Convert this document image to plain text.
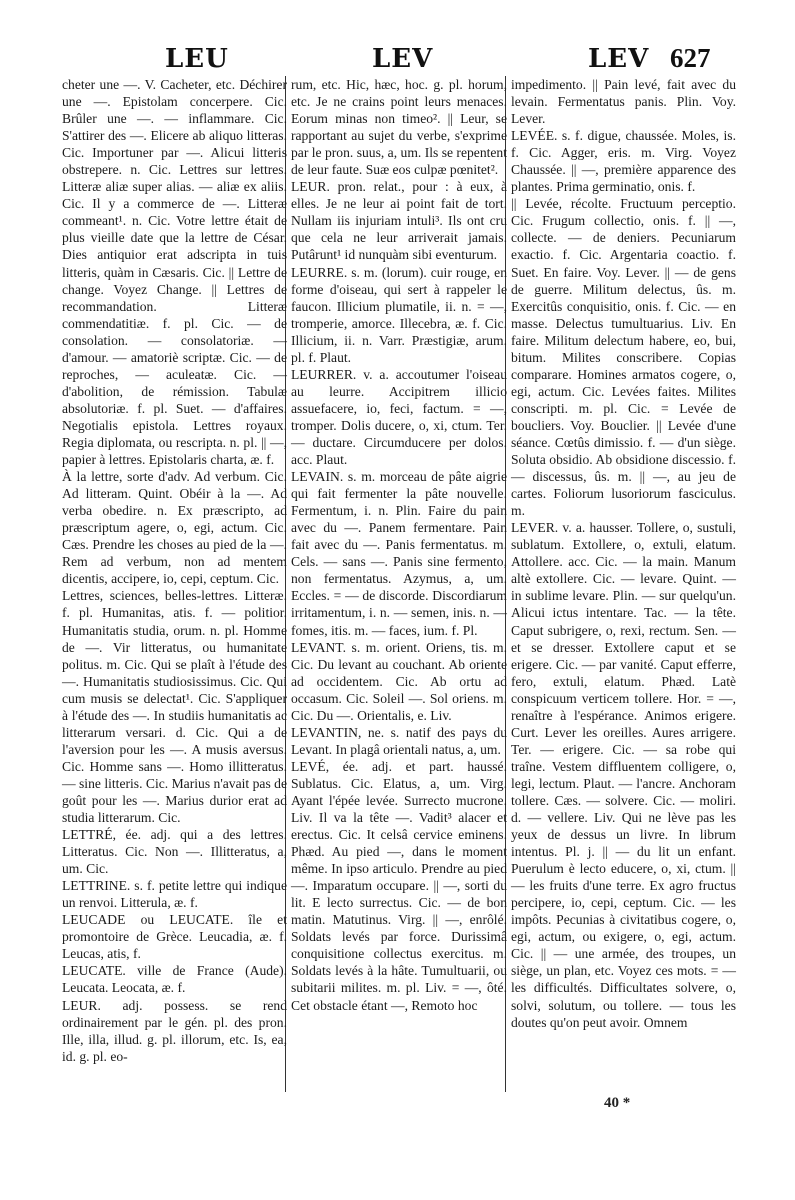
LEU	LEV	LEV 627

cheter une —. V. Cacheter, etc. Déchirer une —. Epistolam concerpere. Cic. Brûler une —. — inflammare. Cic. S'attirer des —. Elicere ab aliquo litteras. Cic. Importuner par —. Alicui litteris obstrepere. n. Cic. Lettres sur lettres. Litteræ aliæ super alias. — aliæ ex aliis. Cic. Il y a commerce de —. Litteræ commeant¹. n. Cic. Votre lettre était de plus vieille date que la lettre de César. Dies antiquior erat adscripta in tuis litteris, quàm in Cæsaris. Cic. || Lettre de change. Voyez Change. || Lettres de recommandation. Litteræ commendatitiæ. f. pl. Cic. — de consolation. — consolatoriæ. — d'amour. — amatoriè scriptæ. Cic. — de reproches, — aculeatæ. Cic. — d'abolition, de rémission. Tabulæ absolutoriæ. f. pl. Suet. — d'affaires. Negotialis epistola. Lettres royaux. Regia diplomata, ou rescripta. n. pl. || —, papier à lettres. Epistolaris charta, æ. f.

À la lettre, sorte d'adv. Ad verbum. Cic. Ad litteram. Quint. Obéir à la —. Ad verba obedire. n. Ex præscripto, ad præscriptum agere, o, egi, actum. Cic. Cæs. Prendre les choses au pied de la —. Rem ad verbum, non ad mentem dicentis, accipere, io, cepi, ceptum. Cic.

Lettres, sciences, belles-lettres. Litteræ. f. pl. Humanitas, atis. f. — politior. Humanitatis studia, orum. n. pl. Homme de —. Vir litteratus, ou humanitate politus. m. Cic. Qui se plaît à l'étude des —. Humanitatis studiosissimus. Cic. Qui cum musis se delectat¹. Cic. S'appliquer à l'étude des —. In studiis humanitatis ac litterarum versari. d. Cic. Qui a de l'aversion pour les —. A musis aversus. Cic. Homme sans —. Homo illitteratus. — sine litteris. Cic. Marius n'avait pas de goût pour les —. Marius durior erat ad studia litterarum. Cic.

LETTRÉ, ée. adj. qui a des lettres. Litteratus. Cic. Non —. Illitteratus, a, um. Cic.

LETTRINE. s. f. petite lettre qui indique un renvoi. Litterula, æ. f.

LEUCADE ou LEUCATE. île et promontoire de Grèce. Leucadia, æ. f. Leucas, atis, f.

LEUCATE. ville de France (Aude). Leucata. Leocata, æ. f.

LEUR. adj. possess. se rend ordinairement par le gén. pl. des pron. Ille, illa, illud. g. pl. illorum, etc. Is, ea, id. g. pl. eo-

rum, etc. Hic, hæc, hoc. g. pl. horum, etc. Je ne crains point leurs menaces. Eorum minas non timeo². || Leur, se rapportant au sujet du verbe, s'exprime par le pron. suus, a, um. Ils se repentent de leur faute. Suæ eos culpæ pœnitet².

LEUR. pron. relat., pour : à eux, à elles. Je ne leur ai point fait de tort. Nullam iis injuriam intuli³. Ils ont cru que cela ne leur arriverait jamais. Putârunt¹ id nunquàm sibi eventurum.

LEURRE. s. m. (lorum). cuir rouge, en forme d'oiseau, qui sert à rappeler le faucon. Illicium plumatile, ii. n. = —, tromperie, amorce. Illecebra, æ. f. Cic. Illicium, ii. n. Varr. Præstigiæ, arum. pl. f. Plaut.

LEURRER. v. a. accoutumer l'oiseau au leurre. Accipitrem illicio assuefacere, io, feci, factum. = —, tromper. Dolis ducere, o, xi, ctum. Ter. — ductare. Circumducere per dolos. acc. Plaut.

LEVAIN. s. m. morceau de pâte aigrie qui fait fermenter la pâte nouvelle. Fermentum, i. n. Plin. Faire du pain avec du —. Panem fermentare. Pain fait avec du —. Panis fermentatus. m. Cels. — sans —. Panis sine fermento, non fermentatus. Azymus, a, um. Eccles. = — de discorde. Discordiarum irritamentum, i. n. — semen, inis. n. — fomes, itis. m. — faces, ium. f. Pl.

LEVANT. s. m. orient. Oriens, tis. m. Cic. Du levant au couchant. Ab oriente ad occidentem. Cic. Ab ortu ad occasum. Cic. Soleil —. Sol oriens. m. Cic. Du —. Orientalis, e. Liv.

LEVANTIN, ne. s. natif des pays du Levant. In plagâ orientali natus, a, um.

LEVÉ, ée. adj. et part. haussé. Sublatus. Cic. Elatus, a, um. Virg. Ayant l'épée levée. Surrecto mucrone. Liv. Il va la tête —. Vadit³ alacer et erectus. Cic. It celsâ cervice eminens. Phæd. Au pied —, dans le moment même. In ipso articulo. Prendre au pied —. Imparatum occupare. || —, sorti du lit. E lecto surrectus. Cic. — de bon matin. Matutinus. Virg. || —, enrôlé. Soldats levés par force. Durissimâ conquisitione collectus exercitus. m. Soldats levés à la hâte. Tumultuarii, ou subitarii milites. m. pl. Liv. = —, ôté. Cet obstacle étant —, Remoto hoc

impedimento. || Pain levé, fait avec du levain. Fermentatus panis. Plin. Voy. Lever.

LEVÉE. s. f. digue, chaussée. Moles, is. f. Cic. Agger, eris. m. Virg. Voyez Chaussée. || —, première apparence des plantes. Prima germinatio, onis. f.

|| Levée, récolte. Fructuum perceptio. Cic. Frugum collectio, onis. f. || —, collecte. — de deniers. Pecuniarum exactio. f. Cic. Argentaria coactio. f. Suet. En faire. Voy. Lever. || — de gens de guerre. Militum delectus, ûs. m. Exercitûs conquisitio, onis. f. Cic. — en masse. Delectus tumultuarius. Liv. En faire. Militum delectum habere, eo, bui, bitum. Milites conscribere. Copias comparare. Homines armatos cogere, o, egi, actum. Cic. Levées faites. Milites conscripti. m. pl. Cic. = Levée de boucliers. Voy. Bouclier. || Levée d'une séance. Cœtûs dimissio. f. — d'un siège. Soluta obsidio. Ab obsidione discessio. f. — discessus, ûs. m. || —, au jeu de cartes. Foliorum lusoriorum fasciculus. m.

LEVER. v. a. hausser. Tollere, o, sustuli, sublatum. Extollere, o, extuli, elatum. Attollere. acc. Cic. — la main. Manum altè extollere. Cic. — levare. Quint. — in sublime levare. Plin. — sur quelqu'un. Alicui ictus intentare. Tac. — la tête. Caput subrigere, o, rexi, rectum. Sen. — et se dresser. Extollere caput et se erigere. Cic. — par vanité. Caput efferre, fero, extuli, elatum. Phæd. Latè conspicuum verticem tollere. Hor. = —, renaître à l'espérance. Animos erigere. Curt. Lever les oreilles. Aures arrigere. Ter. — erigere. Cic. — sa robe qui traîne. Vestem diffluentem colligere, o, legi, lectum. Plaut. — l'ancre. Anchoram tollere. Cæs. — solvere. Cic. — moliri. d. — vellere. Liv. Qui ne lève pas les yeux de dessus un livre. In librum intentus. Pl. j. || — du lit un enfant. Puerulum è lecto educere, o, xi, ctum. || — les fruits d'une terre. Ex agro fructus percipere, io, cepi, ceptum. Cic. — les impôts. Pecunias à civitatibus cogere, o, egi, actum, ou exigere, o, egi, actum. Cic. || — une armée, des troupes, un siège, un plan, etc. Voyez ces mots. = — les difficultés. Difficultates solvere, o, solvi, solutum, ou tollere. — tous les doutes qu'on peut avoir. Omnem

40 *
